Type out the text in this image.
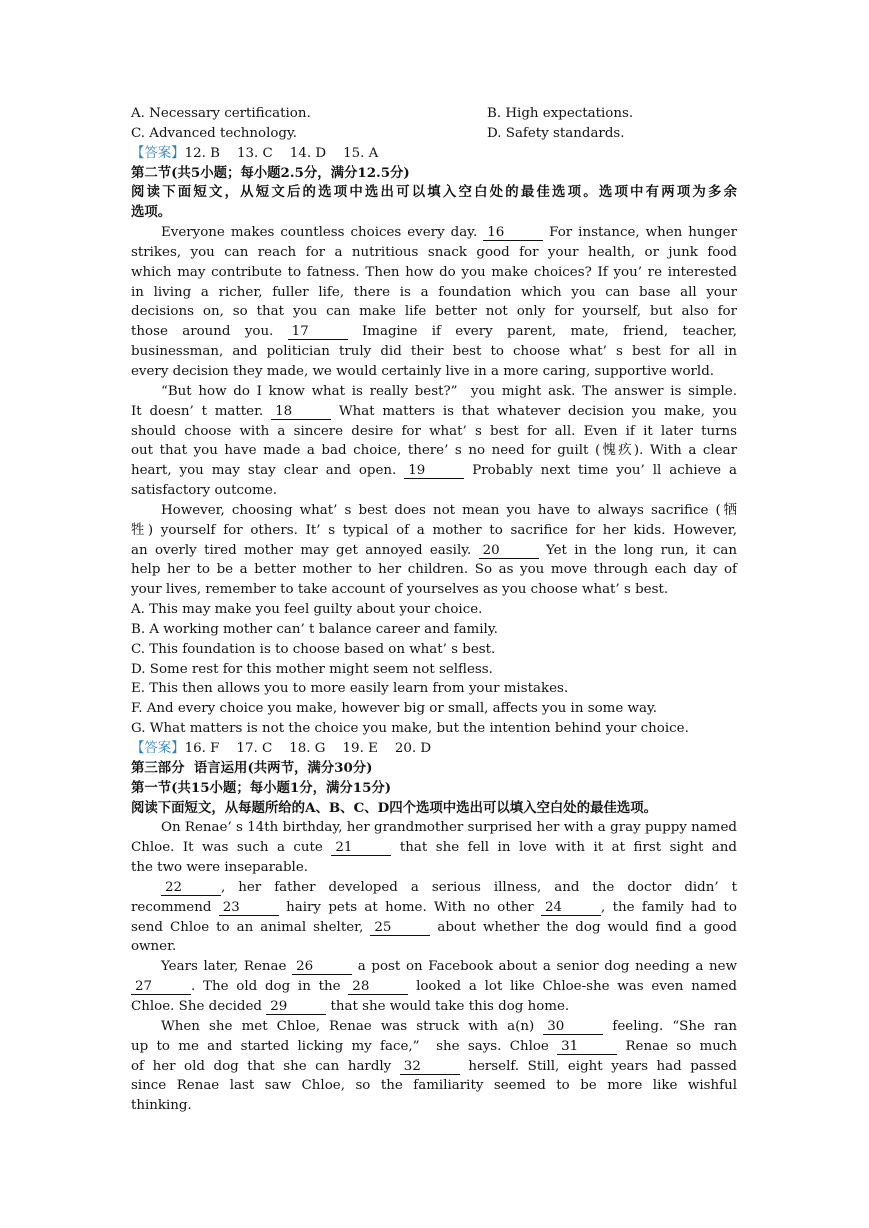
A. Necessary certification.	B. High expectations.
C. Advanced technology.	D. Safety standards.
【答案】12. B    13. C    14. D    15. A
第二节(共5小题；每小题2.5分，满分12.5分)
阅读下面短文，从短文后的选项中选出可以填入空白处的最佳选项。选项中有两项为多余
选项。
Everyone makes countless choices every day. 16	For instance, when hunger
strikes, you can reach for a nutritious snack good for your health, or junk food
which may contribute to fatness. Then how do you make choices? If you’ re interested
in living a richer, fuller life, there is a foundation which you can base all your
decisions on, so that you can make life better not only for yourself, but also for
those around you. 17	Imagine if every parent, mate, friend, teacher,
businessman, and politician truly did their best to choose what’ s best for all in
every decision they made, we would certainly live in a more caring, supportive world.
“But how do I know what is really best?”  you might ask. The answer is simple.
It doesn’ t matter. 18	What matters is that whatever decision you make, you
should choose with a sincere desire for what’ s best for all. Even if it later turns
out that you have made a bad choice, there’ s no need for guilt (愧疚). With a clear
heart, you may stay clear and open. 19	Probably next time you’ ll achieve a
satisfactory outcome.
However, choosing what’ s best does not mean you have to always sacrifice (牺
牲) yourself for others. It’ s typical of a mother to sacrifice for her kids. However,
an overly tired mother may get annoyed easily. 20	Yet in the long run, it can
help her to be a better mother to her children. So as you move through each day of
your lives, remember to take account of yourselves as you choose what’ s best.
A. This may make you feel guilty about your choice.
B. A working mother can’ t balance career and family.
C. This foundation is to choose based on what’ s best.
D. Some rest for this mother might seem not selfless.
E. This then allows you to more easily learn from your mistakes.
F. And every choice you make, however big or small, affects you in some way.
G. What matters is not the choice you make, but the intention behind your choice.
【答案】16. F    17. C    18. G    19. E    20. D
第三部分  语言运用(共两节，满分30分)
第一节(共15小题；每小题1分，满分15分)
阅读下面短文，从每题所给的A、B、C、D四个选项中选出可以填入空白处的最佳选项。
On Renae’ s 14th birthday, her grandmother surprised her with a gray puppy named
Chloe. It was such a cute 21	that she fell in love with it at first sight and
the two were inseparable.
22	, her father developed a serious illness, and the doctor didn’ t
recommend 23	hairy pets at home. With no other 24	, the family had to
send Chloe to an animal shelter, 25	about whether the dog would find a good
owner.
Years later, Renae 26	a post on Facebook about a senior dog needing a new
27	. The old dog in the 28	looked a lot like Chloe-she was even named
Chloe. She decided 29	that she would take this dog home.
When she met Chloe, Renae was struck with a(n) 30	feeling. “She ran
up to me and started licking my face,”  she says. Chloe 31	Renae so much
of her old dog that she can hardly 32	herself. Still, eight years had passed
since Renae last saw Chloe, so the familiarity seemed to be more like wishful
thinking.
